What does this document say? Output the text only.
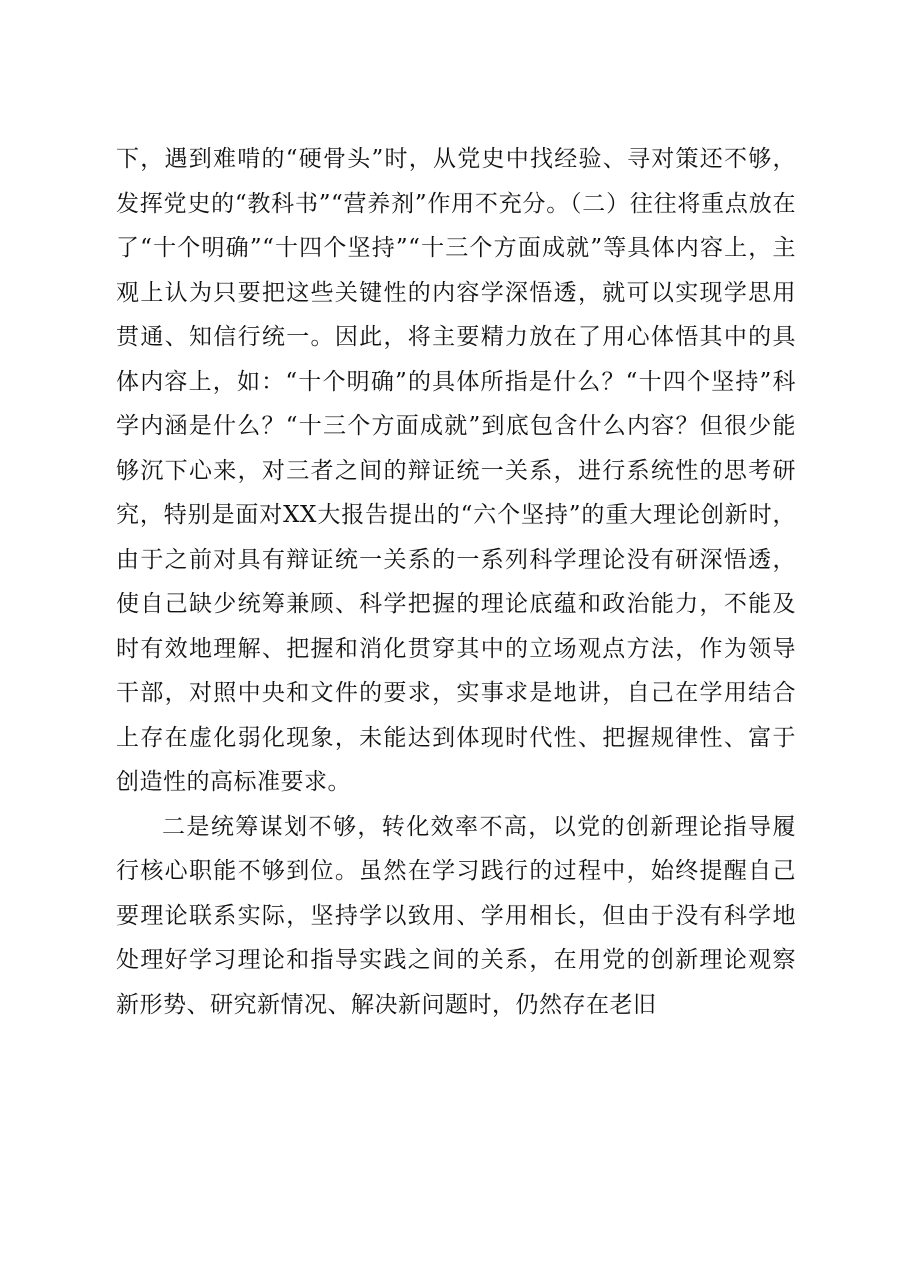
下，遇到难啃的“硬骨头”时，从党史中找经验、寻对策还不够，发挥党史的“教科书”“营养剂”作用不充分。（二）往往将重点放在了“十个明确”“十四个坚持”“十三个方面成就”等具体内容上，主观上认为只要把这些关键性的内容学深悟透，就可以实现学思用贯通、知信行统一。因此，将主要精力放在了用心体悟其中的具体内容上，如：“十个明确”的具体所指是什么？“十四个坚持”科学内涵是什么？“十三个方面成就”到底包含什么内容？但很少能够沉下心来，对三者之间的辩证统一关系，进行系统性的思考研究，特别是面对XX大报告提出的“六个坚持”的重大理论创新时，由于之前对具有辩证统一关系的一系列科学理论没有研深悟透，使自己缺少统筹兼顾、科学把握的理论底蕴和政治能力，不能及时有效地理解、把握和消化贯穿其中的立场观点方法，作为领导干部，对照中央和文件的要求，实事求是地讲，自己在学用结合上存在虚化弱化现象，未能达到体现时代性、把握规律性、富于创造性的高标准要求。

二是统筹谋划不够，转化效率不高，以党的创新理论指导履行核心职能不够到位。虽然在学习践行的过程中，始终提醒自己要理论联系实际，坚持学以致用、学用相长，但由于没有科学地处理好学习理论和指导实践之间的关系，在用党的创新理论观察新形势、研究新情况、解决新问题时，仍然存在老旧
